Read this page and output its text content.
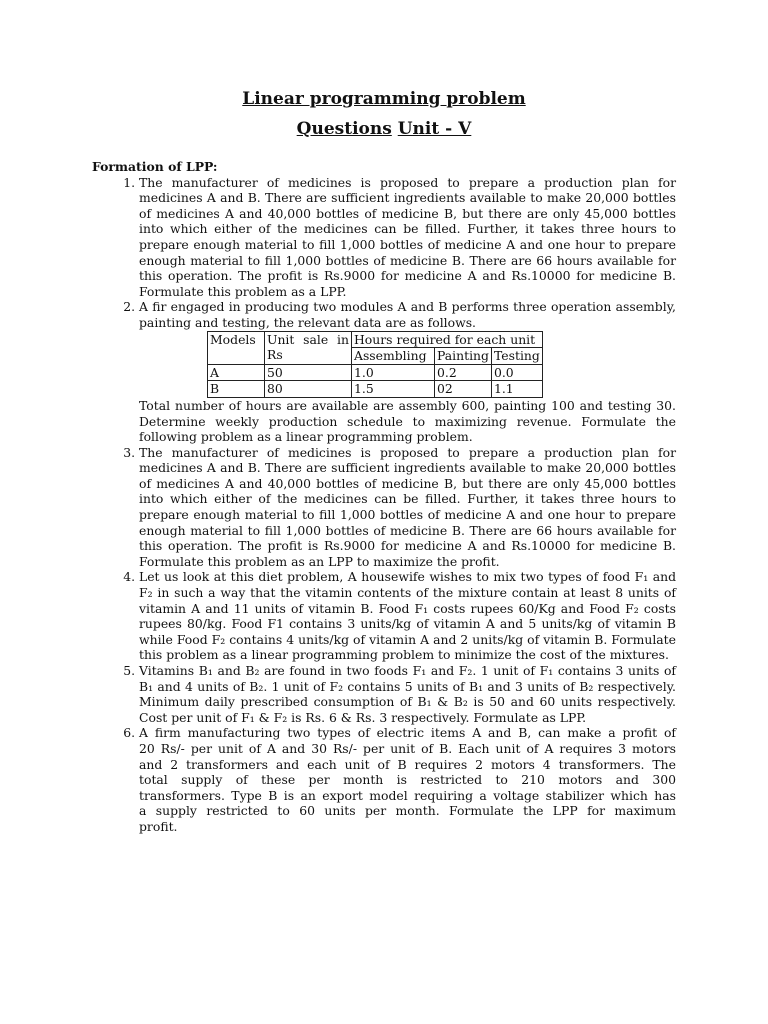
Linear programming problem
Questions Unit - V

Formation of LPP:

1. The manufacturer of medicines is proposed to prepare a production plan for medicines A and B. There are sufficient ingredients available to make 20,000 bottles of medicines A and 40,000 bottles of medicine B, but there are only 45,000 bottles into which either of the medicines can be filled. Further, it takes three hours to prepare enough material to fill 1,000 bottles of medicine A and one hour to prepare enough material to fill 1,000 bottles of medicine B. There are 66 hours available for this operation. The profit is Rs.9000 for medicine A and Rs.10000 for medicine B. Formulate this problem as a LPP.
2. A fir engaged in producing two modules A and B performs three operation assembly, painting and testing, the relevant data are as follows.
Models	Unit sale in Rs	Hours required for each unit		
		Assembling	Painting	Testing
A	50	1.0	0.2	0.0
B	80	1.5	02	1.1
Total number of hours are available are assembly 600, painting 100 and testing 30. Determine weekly production schedule to maximizing revenue. Formulate the following problem as a linear programming problem.
3. The manufacturer of medicines is proposed to prepare a production plan for medicines A and B. There are sufficient ingredients available to make 20,000 bottles of medicines A and 40,000 bottles of medicine B, but there are only 45,000 bottles into which either of the medicines can be filled. Further, it takes three hours to prepare enough material to fill 1,000 bottles of medicine A and one hour to prepare enough material to fill 1,000 bottles of medicine B. There are 66 hours available for this operation. The profit is Rs.9000 for medicine A and Rs.10000 for medicine B. Formulate this problem as an LPP to maximize the profit.
4. Let us look at this diet problem, A housewife wishes to mix two types of food F₁ and F₂ in such a way that the vitamin contents of the mixture contain at least 8 units of vitamin A and 11 units of vitamin B. Food F₁ costs rupees 60/Kg and Food F₂ costs rupees 80/kg. Food F1 contains 3 units/kg of vitamin A and 5 units/kg of vitamin B while Food F₂ contains 4 units/kg of vitamin A and 2 units/kg of vitamin B. Formulate this problem as a linear programming problem to minimize the cost of the mixtures.
5. Vitamins B₁ and B₂ are found in two foods F₁ and F₂. 1 unit of F₁ contains 3 units of B₁ and 4 units of B₂. 1 unit of F₂ contains 5 units of B₁ and 3 units of B₂ respectively. Minimum daily prescribed consumption of B₁ & B₂ is 50 and 60 units respectively. Cost per unit of F₁ & F₂ is Rs. 6 & Rs. 3 respectively. Formulate as LPP.
6. A firm manufacturing two types of electric items A and B, can make a profit of 20 Rs/- per unit of A and 30 Rs/- per unit of B. Each unit of A requires 3 motors and 2 transformers and each unit of B requires 2 motors 4 transformers. The total supply of these per month is restricted to 210 motors and 300 transformers. Type B is an export model requiring a voltage stabilizer which has a supply restricted to 60 units per month. Formulate the LPP for maximum profit.
